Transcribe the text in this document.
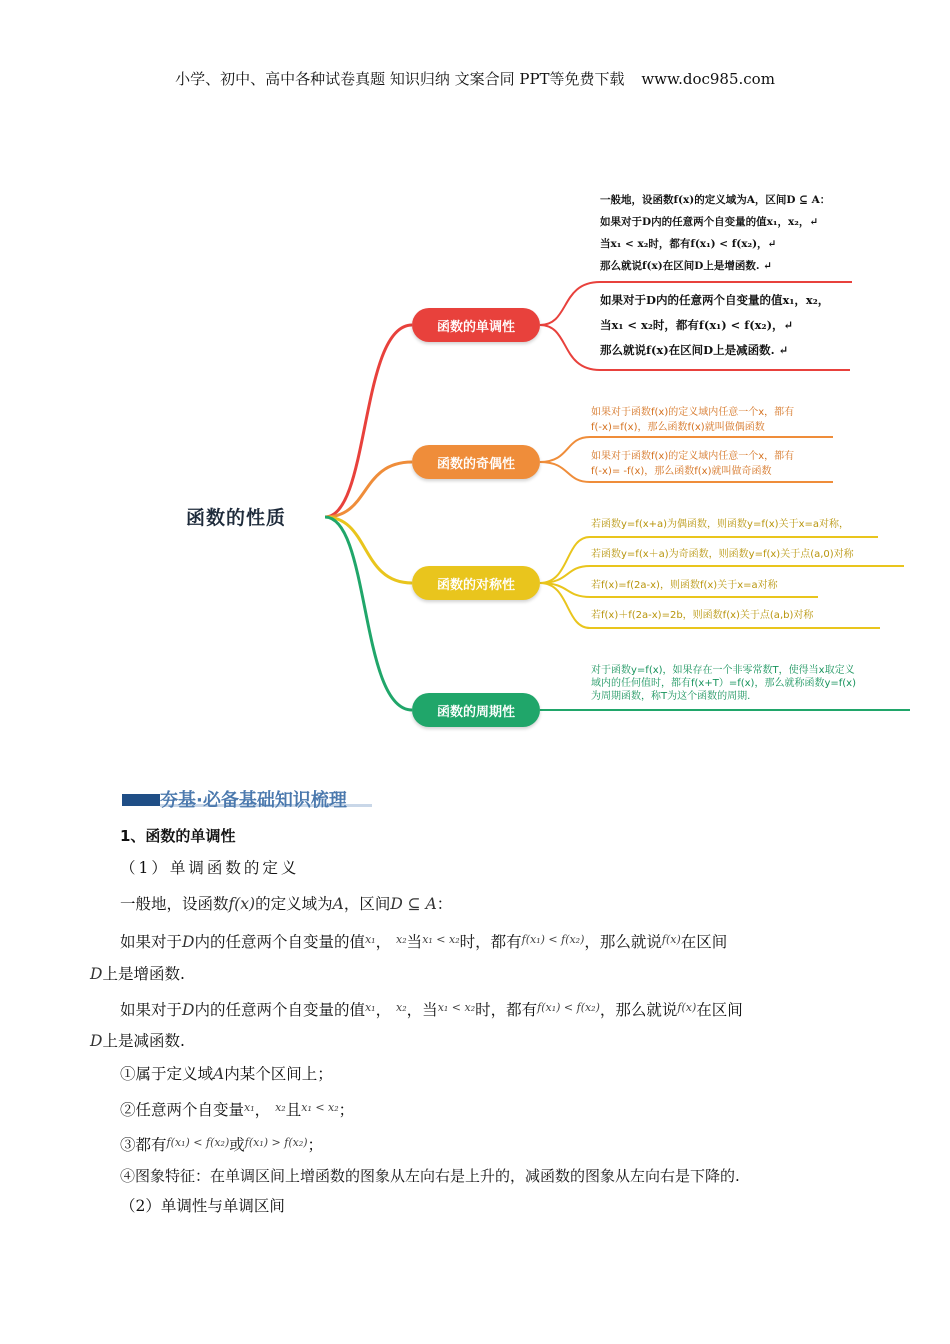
小学、初中、高中各种试卷真题 知识归纳 文案合同 PPT等免费下载 www.doc985.com
函数的性质
函数的单调性
函数的奇偶性
函数的对称性
函数的周期性
一般地，设函数f(x)的定义域为A，区间D ⊆ A：
如果对于D内的任意两个自变量的值x₁，x₂，↵
当x₁ < x₂时，都有f(x₁) < f(x₂)，↵
那么就说f(x)在区间D上是增函数. ↵
如果对于D内的任意两个自变量的值x₁，x₂，
当x₁ < x₂时，都有f(x₁) < f(x₂)，↵
那么就说f(x)在区间D上是减函数. ↵
如果对于函数f(x)的定义域内任意一个x，都有
f(-x)=f(x)，那么函数f(x)就叫做偶函数
如果对于函数f(x)的定义域内任意一个x，都有
f(-x)= -f(x)，那么函数f(x)就叫做奇函数
若函数y=f(x+a)为偶函数，则函数y=f(x)关于x=a对称，
若函数y=f(x＋a)为奇函数，则函数y=f(x)关于点(a,0)对称
若f(x)=f(2a-x)，则函数f(x)关于x=a对称
若f(x)＋f(2a-x)=2b，则函数f(x)关于点(a,b)对称
对于函数y=f(x)，如果存在一个非零常数T，使得当x取定义
域内的任何值时，都有f(x+T）=f(x)，那么就称函数y=f(x)
为周期函数，称T为这个函数的周期.
夯基·必备基础知识梳理
1、函数的单调性
（1）单调函数的定义
一般地，设函数f(x)的定义域为A，区间D ⊆ A：
如果对于D内的任意两个自变量的值$^{x_1}$， $^{x_2}$当$^{x_1 < x_2}$时，都有$^{f(x_1) < f(x_2)}$，那么就说$^{f(x)}$在区间
D上是增函数.
如果对于D内的任意两个自变量的值$^{x_1}$， $^{x_2}$，当$^{x_1 < x_2}$时，都有$^{f(x_1) < f(x_2)}$，那么就说$^{f(x)}$在区间
D上是减函数.
①属于定义域A内某个区间上；
②任意两个自变量$^{x_1}$， $^{x_2}$且$^{x_1 < x_2}$；
③都有$^{f(x_1) < f(x_2)}$或$^{f(x_1) > f(x_2)}$；
④图象特征：在单调区间上增函数的图象从左向右是上升的，减函数的图象从左向右是下降的.
（2）单调性与单调区间
